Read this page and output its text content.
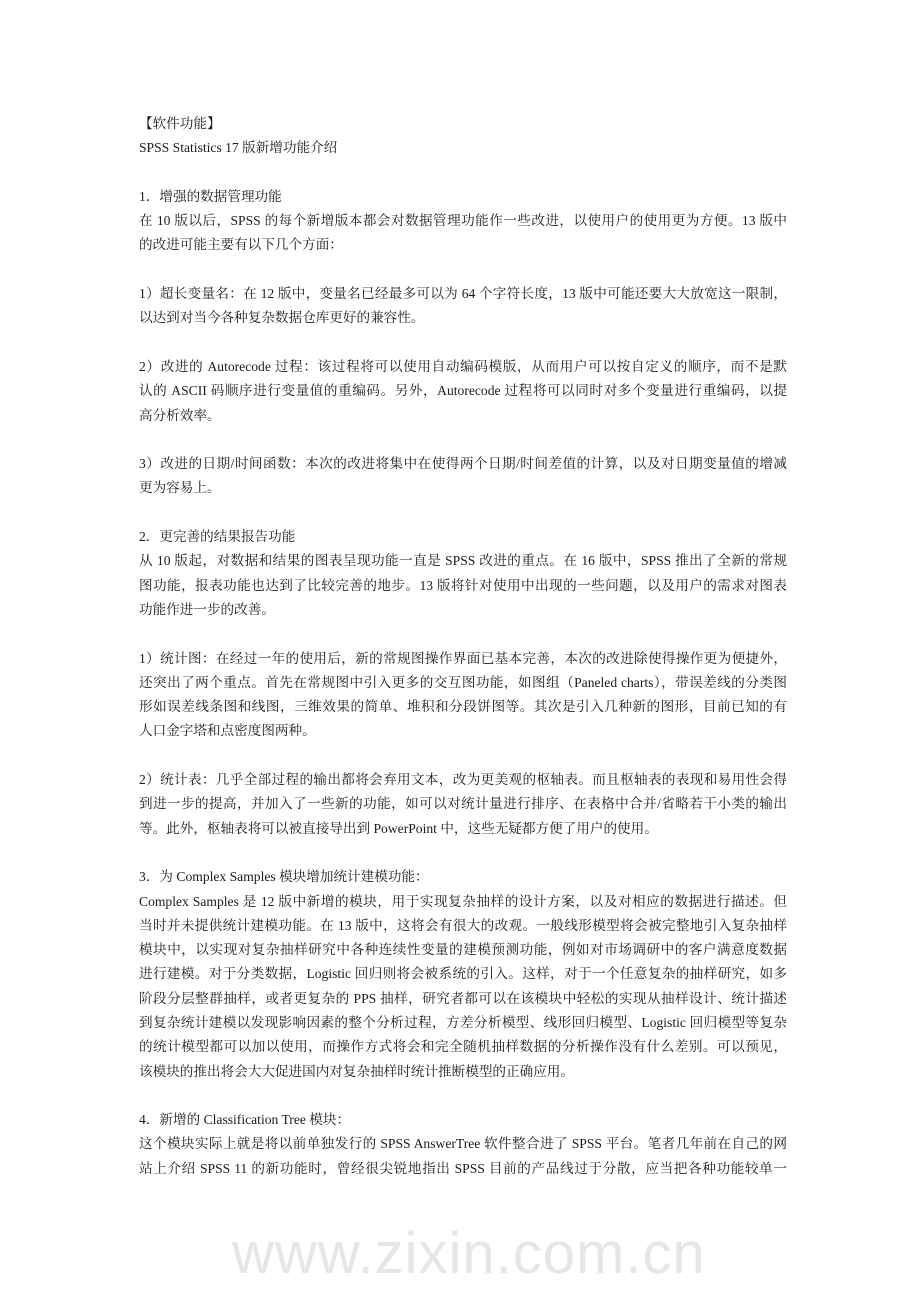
www.zixin.com.cn
【软件功能】
SPSS Statistics 17 版新增功能介绍
1．增强的数据管理功能
在 10 版以后，SPSS 的每个新增版本都会对数据管理功能作一些改进，以使用户的使用更为方便。13 版中
的改进可能主要有以下几个方面：
1）超长变量名：在 12 版中，变量名已经最多可以为 64 个字符长度，13 版中可能还要大大放宽这一限制，
以达到对当今各种复杂数据仓库更好的兼容性。
2）改进的 Autorecode 过程：该过程将可以使用自动编码模版，从而用户可以按自定义的顺序，而不是默
认的 ASCII 码顺序进行变量值的重编码。另外，Autorecode 过程将可以同时对多个变量进行重编码，以提
高分析效率。
3）改进的日期/时间函数：本次的改进将集中在使得两个日期/时间差值的计算，以及对日期变量值的增减
更为容易上。
2．更完善的结果报告功能
从 10 版起，对数据和结果的图表呈现功能一直是 SPSS 改进的重点。在 16 版中，SPSS 推出了全新的常规
图功能，报表功能也达到了比较完善的地步。13 版将针对使用中出现的一些问题，以及用户的需求对图表
功能作进一步的改善。
1）统计图：在经过一年的使用后，新的常规图操作界面已基本完善，本次的改进除使得操作更为便捷外，
还突出了两个重点。首先在常规图中引入更多的交互图功能，如图组（Paneled charts），带误差线的分类图
形如误差线条图和线图，三维效果的简单、堆积和分段饼图等。其次是引入几种新的图形，目前已知的有
人口金字塔和点密度图两种。
2）统计表：几乎全部过程的输出都将会弃用文本，改为更美观的枢轴表。而且枢轴表的表现和易用性会得
到进一步的提高，并加入了一些新的功能，如可以对统计量进行排序、在表格中合并/省略若干小类的输出
等。此外，枢轴表将可以被直接导出到 PowerPoint 中，这些无疑都方便了用户的使用。
3．为 Complex Samples 模块增加统计建模功能：
Complex Samples 是 12 版中新增的模块，用于实现复杂抽样的设计方案，以及对相应的数据进行描述。但
当时并未提供统计建模功能。在 13 版中，这将会有很大的改观。一般线形模型将会被完整地引入复杂抽样
模块中，以实现对复杂抽样研究中各种连续性变量的建模预测功能，例如对市场调研中的客户满意度数据
进行建模。对于分类数据，Logistic 回归则将会被系统的引入。这样，对于一个任意复杂的抽样研究，如多
阶段分层整群抽样，或者更复杂的 PPS 抽样，研究者都可以在该模块中轻松的实现从抽样设计、统计描述
到复杂统计建模以发现影响因素的整个分析过程，方差分析模型、线形回归模型、Logistic 回归模型等复杂
的统计模型都可以加以使用，而操作方式将会和完全随机抽样数据的分析操作没有什么差别。可以预见，
该模块的推出将会大大促进国内对复杂抽样时统计推断模型的正确应用。
4．新增的 Classification Tree 模块：
这个模块实际上就是将以前单独发行的 SPSS AnswerTree 软件整合进了 SPSS 平台。笔者几年前在自己的网
站上介绍 SPSS 11 的新功能时，曾经很尖锐地指出 SPSS 目前的产品线过于分散，应当把各种功能较单一
